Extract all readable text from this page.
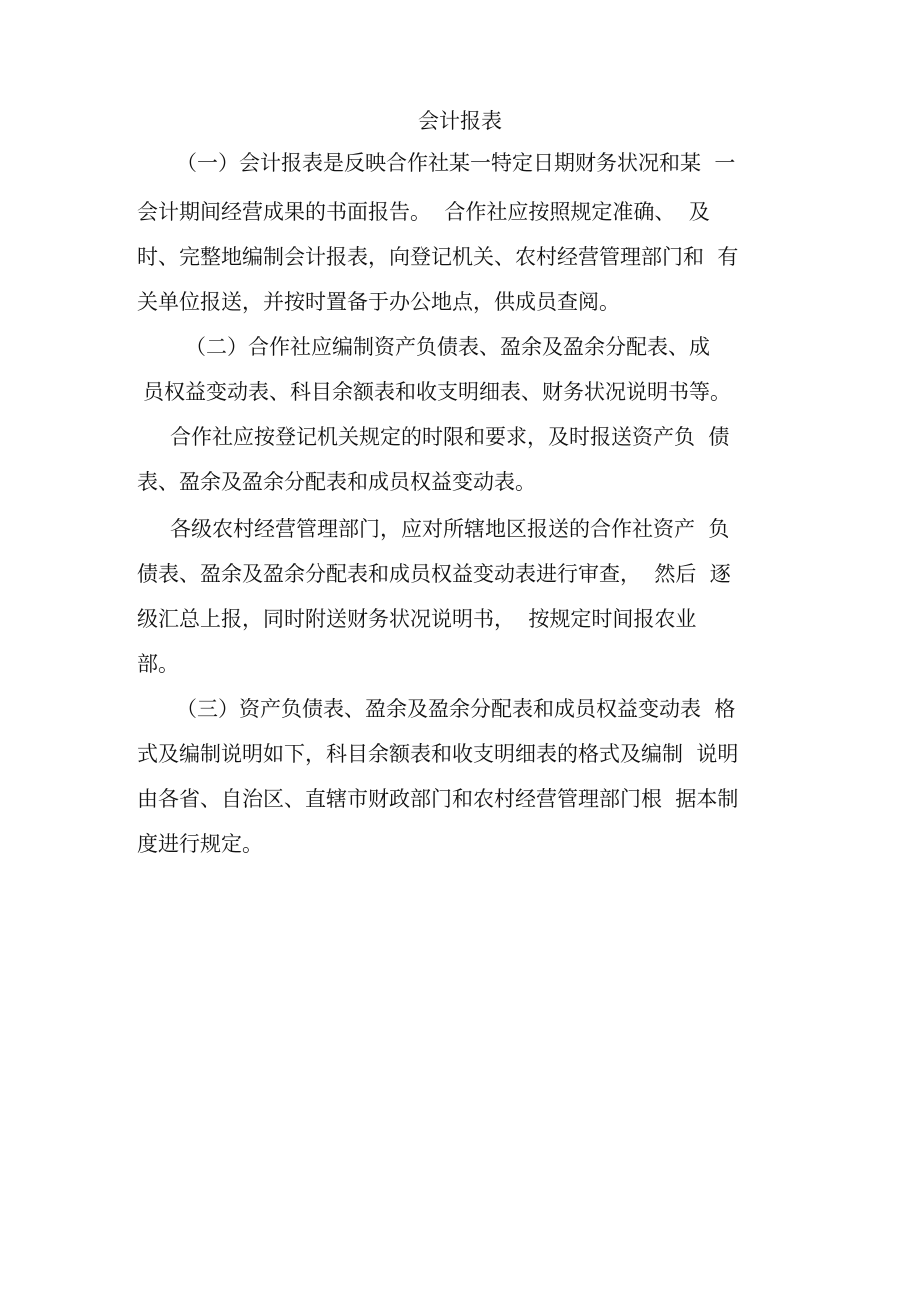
会计报表
（一）会计报表是反映合作社某一特定日期财务状况和某  一
会计期间经营成果的书面报告。  合作社应按照规定准确、  及
时、完整地编制会计报表，向登记机关、农村经营管理部门和  有
关单位报送，并按时置备于办公地点，供成员查阅。
（二）合作社应编制资产负债表、盈余及盈余分配表、成
员权益变动表、科目余额表和收支明细表、财务状况说明书等。
合作社应按登记机关规定的时限和要求，及时报送资产负  债
表、盈余及盈余分配表和成员权益变动表。
各级农村经营管理部门，应对所辖地区报送的合作社资产  负
债表、盈余及盈余分配表和成员权益变动表进行审查，  然后  逐
级汇总上报，同时附送财务状况说明书，  按规定时间报农业
部。
（三）资产负债表、盈余及盈余分配表和成员权益变动表  格
式及编制说明如下，科目余额表和收支明细表的格式及编制  说明
由各省、自治区、直辖市财政部门和农村经营管理部门根  据本制
度进行规定。
